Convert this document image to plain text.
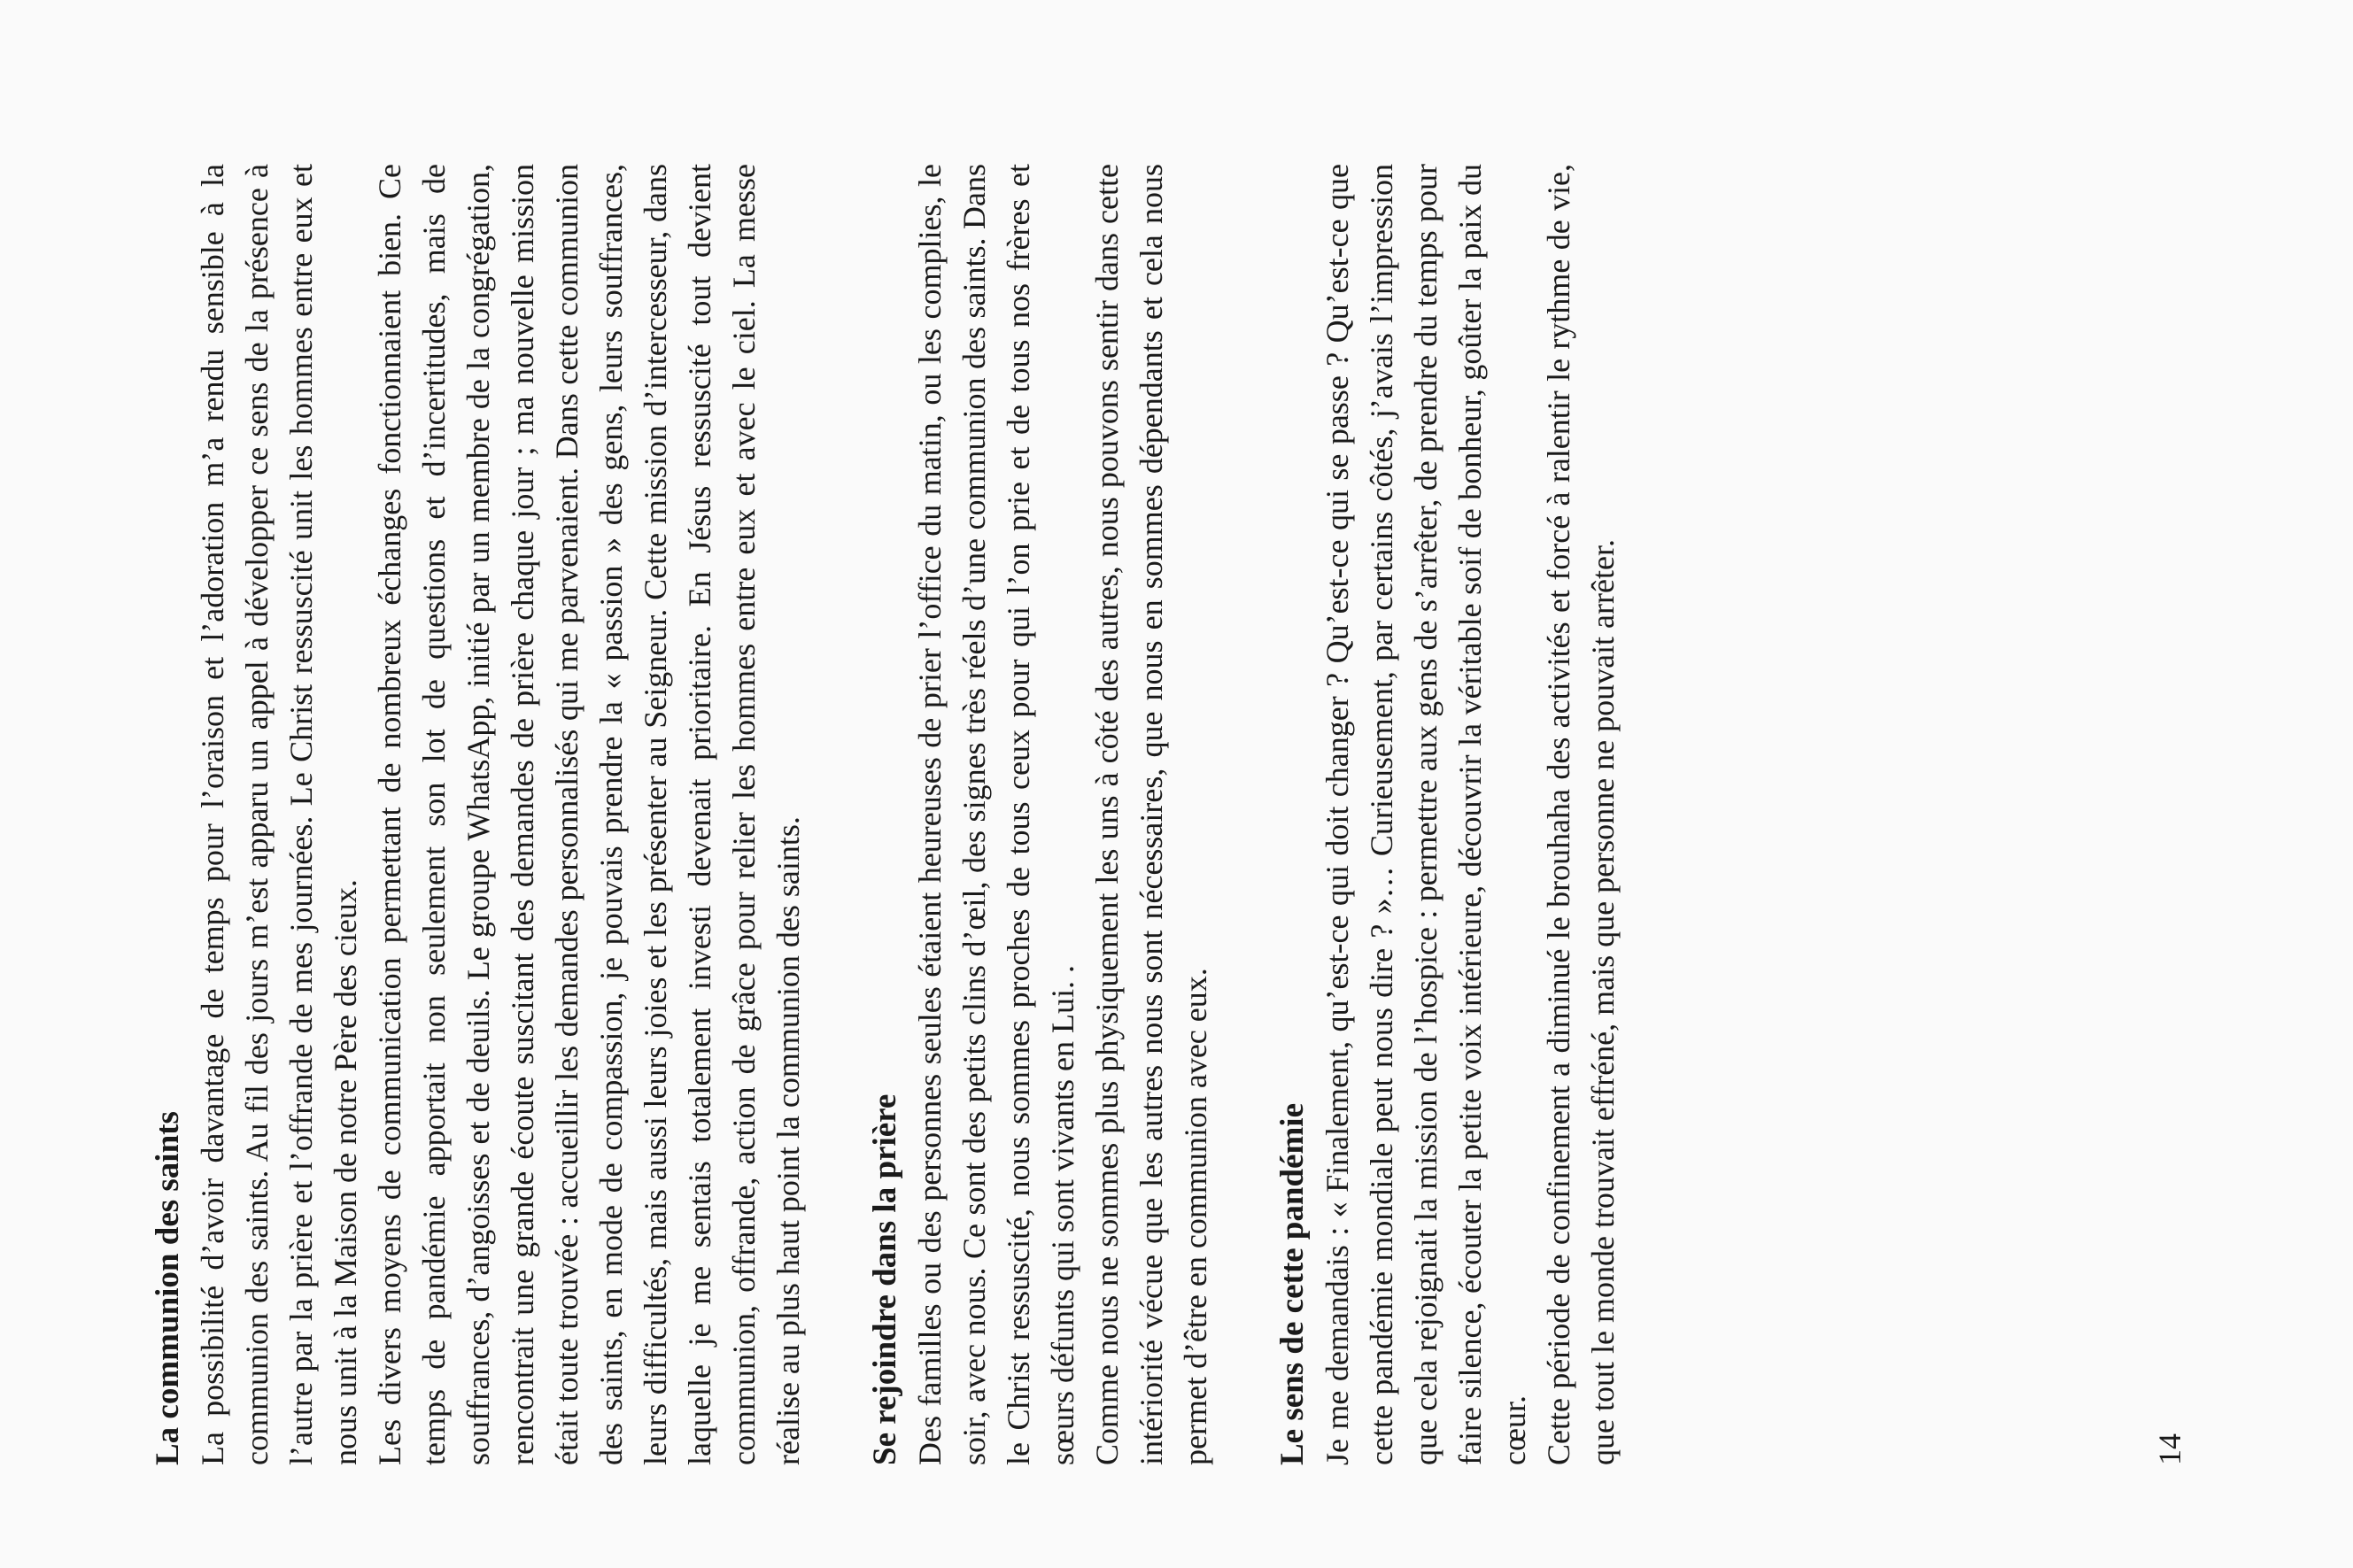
La communion des saints La possibilité d’avoir davantage de temps pour l’oraison et l’adoration m’a rendu sensible à la communion des saints. Au fil des jours m’est apparu un appel à développer ce sens de la présence à l’autre par la prière et l’offrande de mes journées. Le Christ ressuscité unit les hommes entre eux et nous unit à la Maison de notre Père des cieux. Les divers moyens de communication permettant de nombreux échanges fonctionnaient bien. Ce temps de pandémie apportait non seulement son lot de questions et d’incertitudes, mais de souffrances, d’angoisses et de deuils. Le groupe WhatsApp, initié par un membre de la congrégation, rencontrait une grande écoute suscitant des demandes de prière chaque jour ; ma nouvelle mission était toute trouvée : accueillir les demandes personnalisés qui me parvenaient. Dans cette communion des saints, en mode de compassion, je pouvais prendre la « passion » des gens, leurs souffrances, leurs difficultés, mais aussi leurs joies et les présenter au Seigneur. Cette mission d’intercesseur, dans laquelle je me sentais totalement investi devenait prioritaire. En Jésus ressuscité tout devient communion, offrande, action de grâce pour relier les hommes entre eux et avec le ciel. La messe réalise au plus haut point la communion des saints. Se rejoindre dans la prière Des familles ou des personnes seules étaient heureuses de prier l’office du matin, ou les complies, le soir, avec nous. Ce sont des petits clins d’œil, des signes très réels d’une communion des saints. Dans le Christ ressuscité, nous sommes proches de tous ceux pour qui l’on prie et de tous nos frères et sœurs défunts qui sont vivants en Lui. . Comme nous ne sommes plus physiquement les uns à côté des autres, nous pouvons sentir dans cette intériorité vécue que les autres nous sont nécessaires, que nous en sommes dépendants et cela nous permet d’être en communion avec eux. Le sens de cette pandémie Je me demandais : « Finalement, qu’est-ce qui doit changer ? Qu’est-ce qui se passe ? Qu’est-ce que cette pandémie mondiale peut nous dire ? »… Curieusement, par certains côtés, j’avais l’impression que cela rejoignait la mission de l’hospice : permettre aux gens de s’arrêter, de prendre du temps pour faire silence, écouter la petite voix intérieure, découvrir la véritable soif de bonheur, goûter la paix du cœur. Cette période de confinement a diminué le brouhaha des activités et forcé à ralentir le rythme de vie, que tout le monde trouvait effréné, mais que personne ne pouvait arrêter.	14
